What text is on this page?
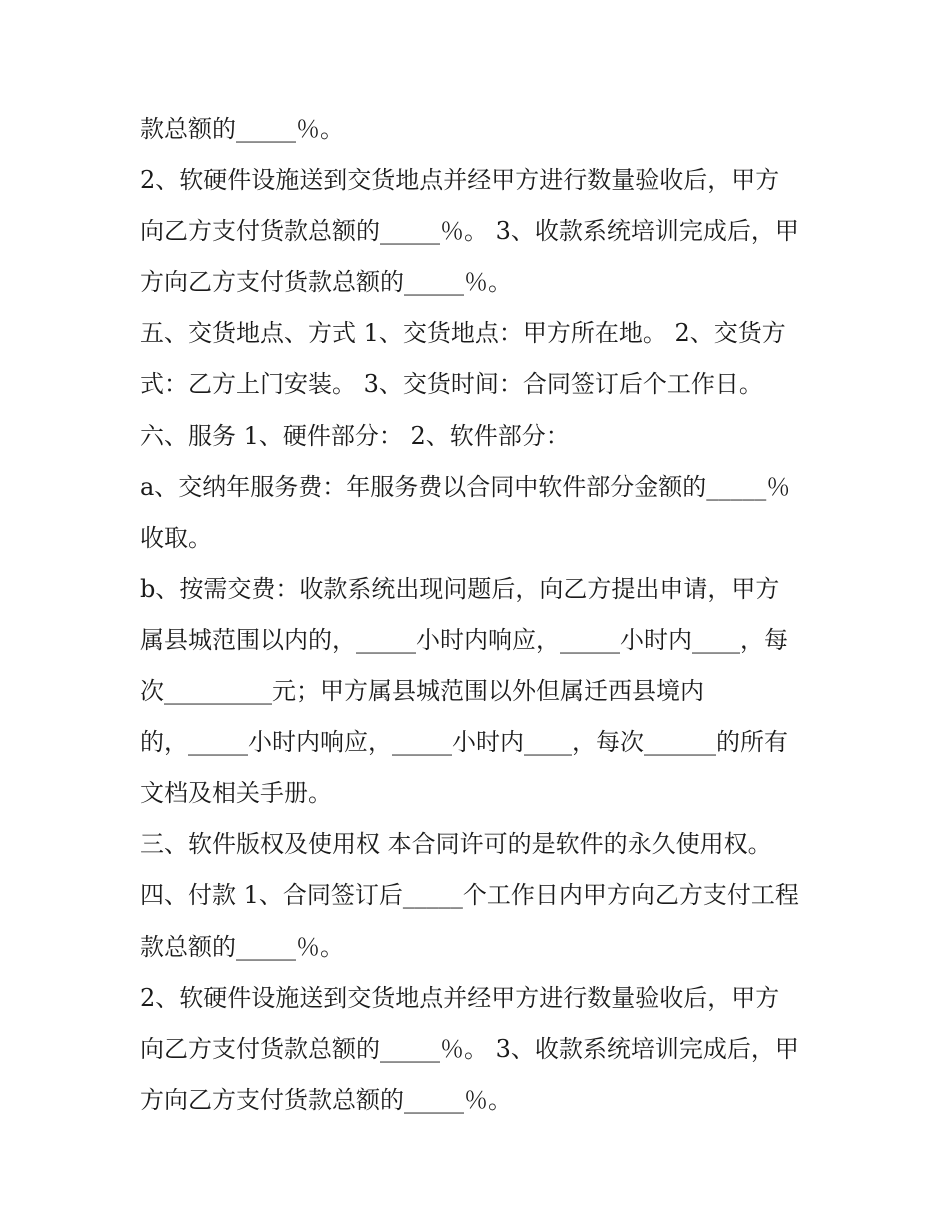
款总额的_____％。
2、软硬件设施送到交货地点并经甲方进行数量验收后，甲方
向乙方支付货款总额的_____％。 3、收款系统培训完成后，甲
方向乙方支付货款总额的_____％。
五、交货地点、方式 1、交货地点：甲方所在地。 2、交货方
式：乙方上门安装。 3、交货时间：合同签订后个工作日。
六、服务 1、硬件部分： 2、软件部分：
a、交纳年服务费：年服务费以合同中软件部分金额的_____％
收取。
b、按需交费：收款系统出现问题后，向乙方提出申请，甲方
属县城范围以内的，_____小时内响应，_____小时内____，每
次_________元；甲方属县城范围以外但属迁西县境内
的，_____小时内响应，_____小时内____，每次______的所有
文档及相关手册。
三、软件版权及使用权 本合同许可的是软件的永久使用权。
四、付款 1、合同签订后_____个工作日内甲方向乙方支付工程
款总额的_____％。
2、软硬件设施送到交货地点并经甲方进行数量验收后，甲方
向乙方支付货款总额的_____％。 3、收款系统培训完成后，甲
方向乙方支付货款总额的_____％。
